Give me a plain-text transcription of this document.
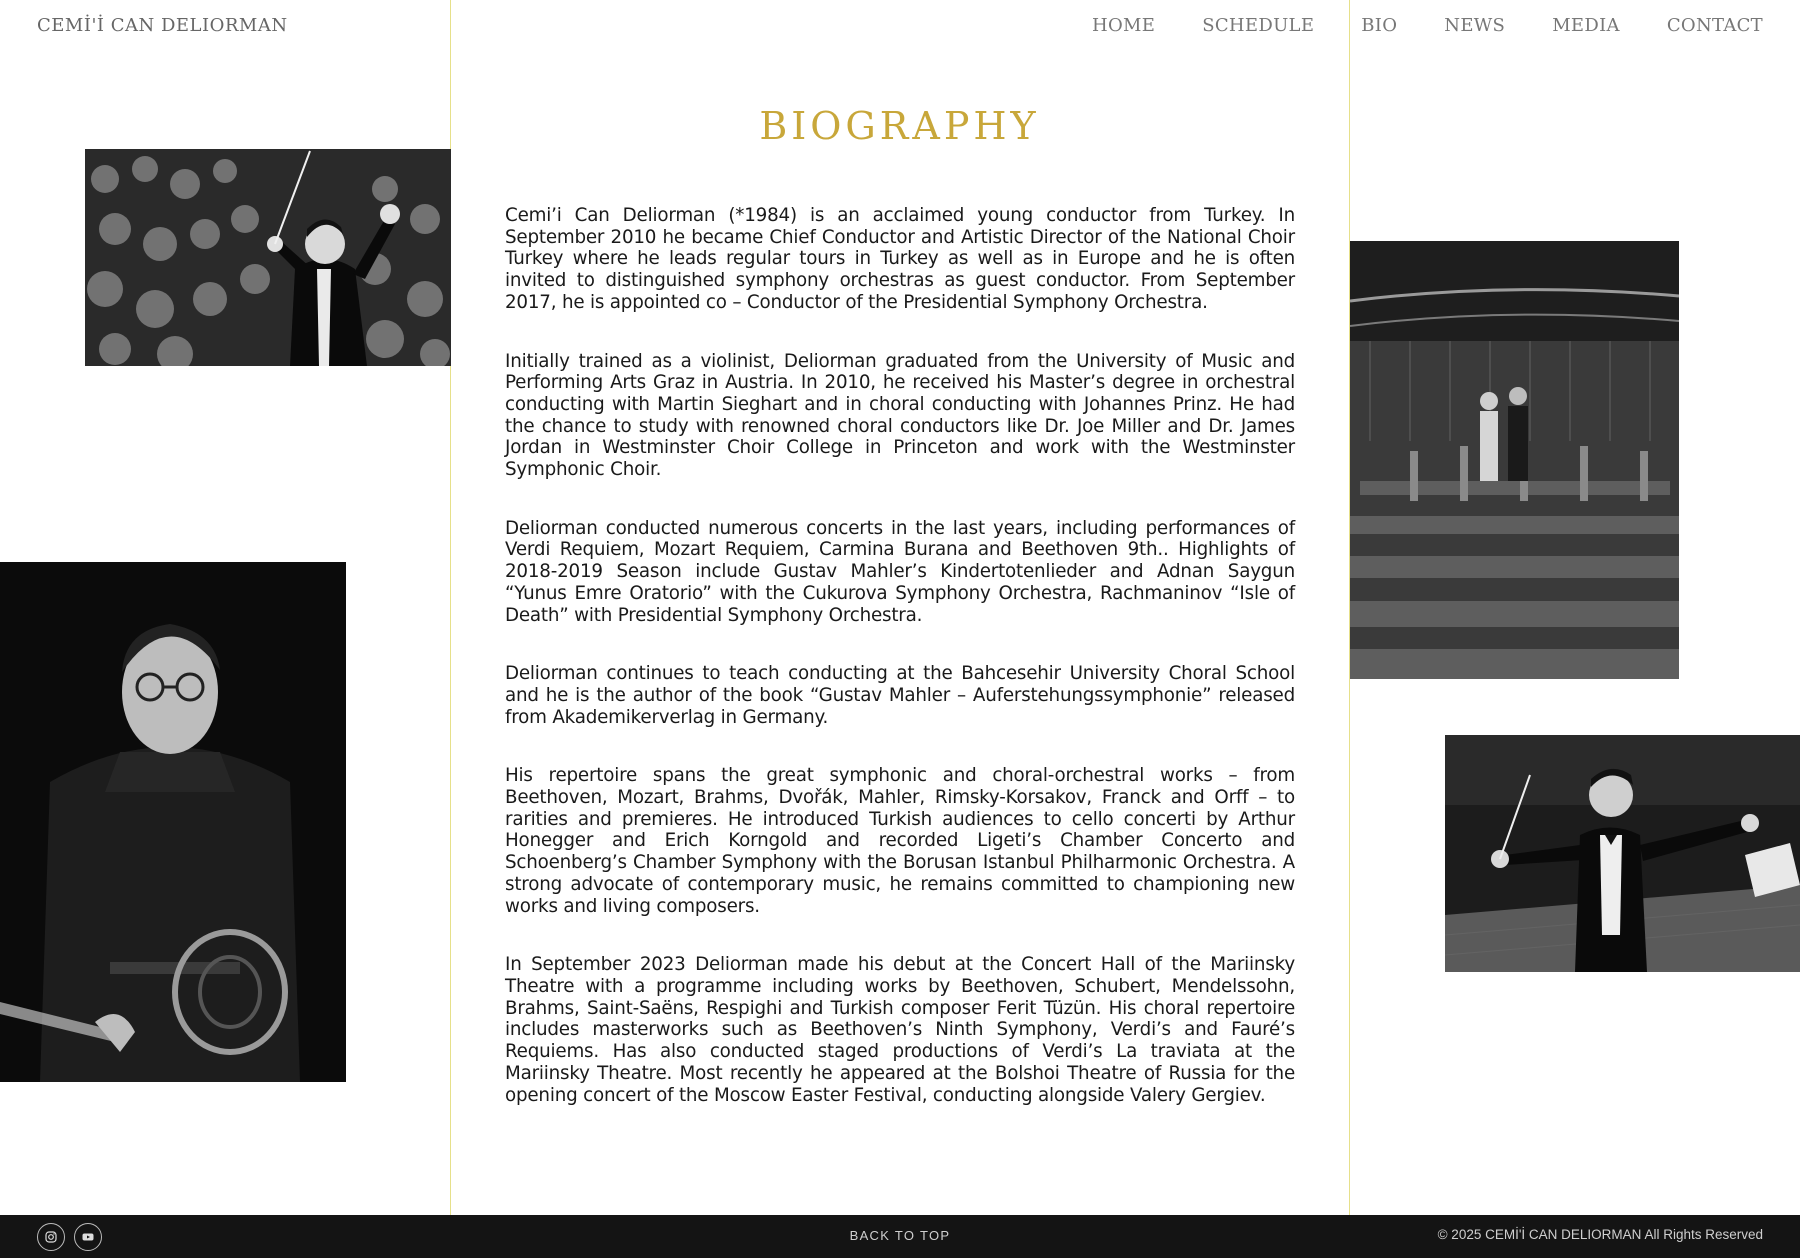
CEMİ'İ CAN DELIORMAN	HOME	SCHEDULE	BIO	NEWS	MEDIA	CONTACT
BIOGRAPHY

Cemi’i Can Deliorman (*1984) is an acclaimed young conductor from Turkey. In September 2010 he became Chief Conductor and Artistic Director of the National Choir Turkey where he leads regular tours in Turkey as well as in Europe and he is often invited to distinguished symphony orchestras as guest conductor. From September 2017, he is appointed co – Conductor of the Presidential Symphony Orchestra.

Initially trained as a violinist, Deliorman graduated from the University of Music and Performing Arts Graz in Austria. In 2010, he received his Master’s degree in orchestral conducting with Martin Sieghart and in choral conducting with Johannes Prinz. He had the chance to study with renowned choral conductors like Dr. Joe Miller and Dr. James Jordan in Westminster Choir College in Princeton and work with the Westminster Symphonic Choir.

Deliorman conducted numerous concerts in the last years, including performances of Verdi Requiem, Mozart Requiem, Carmina Burana and Beethoven 9th.. Highlights of 2018-2019 Season include Gustav Mahler’s Kindertotenlieder and Adnan Saygun “Yunus Emre Oratorio” with the Cukurova Symphony Orchestra, Rachmaninov “Isle of Death” with Presidential Symphony Orchestra.

Deliorman continues to teach conducting at the Bahcesehir University Choral School and he is the author of the book “Gustav Mahler – Auferstehungssymphonie” released from Akademikerverlag in Germany.

His repertoire spans the great symphonic and choral-orchestral works – from Beethoven, Mozart, Brahms, Dvořák, Mahler, Rimsky-Korsakov, Franck and Orff – to rarities and premieres. He introduced Turkish audiences to cello concerti by Arthur Honegger and Erich Korngold and recorded Ligeti’s Chamber Concerto and Schoenberg’s Chamber Symphony with the Borusan Istanbul Philharmonic Orchestra. A strong advocate of contemporary music, he remains committed to championing new works and living composers.

In September 2023 Deliorman made his debut at the Concert Hall of the Mariinsky Theatre with a programme including works by Beethoven, Schubert, Mendelssohn, Brahms, Saint-Saëns, Respighi and Turkish composer Ferit Tüzün. His choral repertoire includes masterworks such as Beethoven’s Ninth Symphony, Verdi’s and Fauré’s Requiems. Has also conducted staged productions of Verdi’s La traviata at the Mariinsky Theatre. Most recently he appeared at the Bolshoi Theatre of Russia for the opening concert of the Moscow Easter Festival, conducting alongside Valery Gergiev.

BACK TO TOP	© 2025 CEMİ'İ CAN DELIORMAN All Rights Reserved
